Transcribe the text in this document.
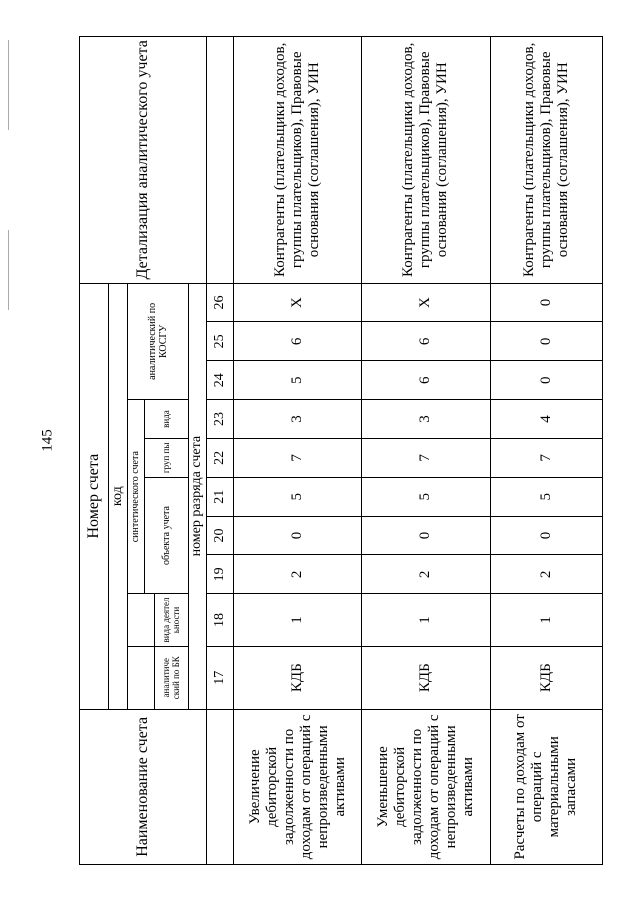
145
Наименование счета	Номер счета										Детализация аналитического учета
	код										
			синтетического счета					аналитический по КОСГУ			
			объекта учета			груп пы	вида				
	аналитиче ский по БК	вида деятел ьности									
	номер разряда счета										
	17	18	19	20	21	22	23	24	25	26	
Увеличение дебиторской задолженности по доходам от операций с непроизведенными активами	КДБ	1	2	0	5	7	3	5	6	X	Контрагенты (плательщики доходов, группы плательщиков), Правовые основания (соглашения), УИН
Уменьшение дебиторской задолженности по доходам от операций с непроизведенными активами	КДБ	1	2	0	5	7	3	6	6	X	Контрагенты (плательщики доходов, группы плательщиков), Правовые основания (соглашения), УИН
Расчеты по доходам от операций с материальными запасами	КДБ	1	2	0	5	7	4	0	0	0	Контрагенты (плательщики доходов, группы плательщиков), Правовые основания (соглашения), УИН
